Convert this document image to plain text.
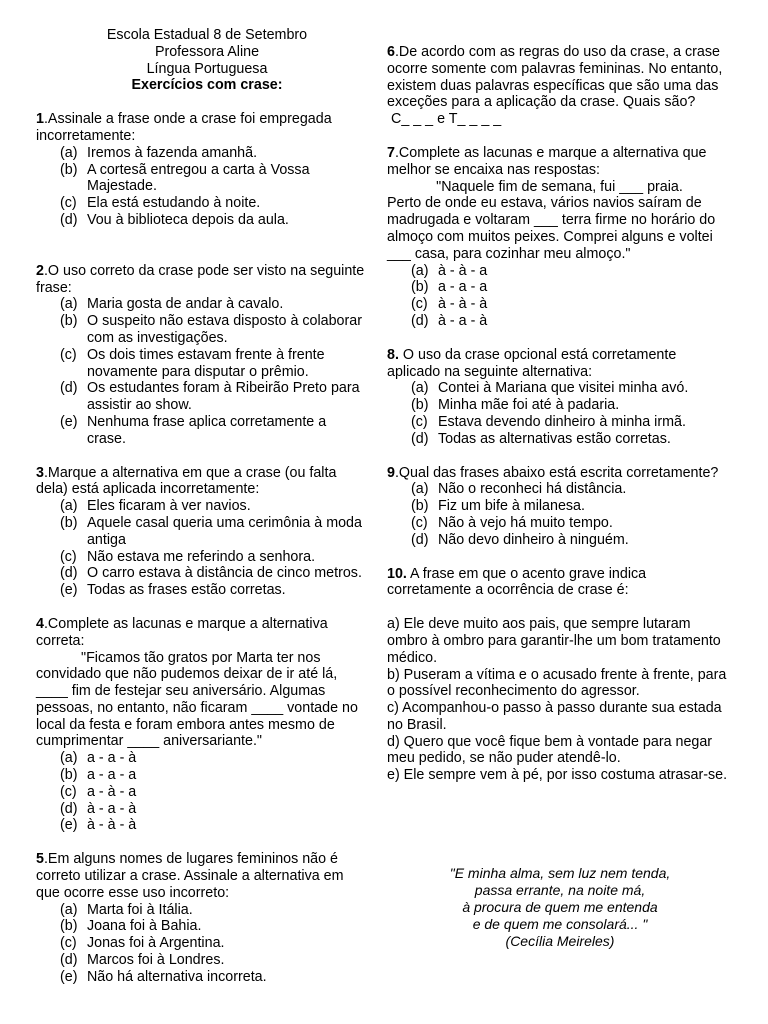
Escola Estadual 8 de Setembro
Professora Aline
Língua Portuguesa
Exercícios com crase:
1.Assinale a frase onde a crase foi empregada incorretamente:
(a) Iremos à fazenda amanhã.
(b) A cortesã entregou a carta à Vossa Majestade.
(c) Ela está estudando à noite.
(d) Vou à biblioteca depois da aula.
2.O uso correto da crase pode ser visto na seguinte frase:
(a) Maria gosta de andar à cavalo.
(b) O suspeito não estava disposto à colaborar com as investigações.
(c) Os dois times estavam frente à frente novamente para disputar o prêmio.
(d) Os estudantes foram à Ribeirão Preto para assistir ao show.
(e) Nenhuma frase aplica corretamente a crase.
3.Marque a alternativa em que a crase (ou falta dela) está aplicada incorretamente:
(a) Eles ficaram à ver navios.
(b) Aquele casal queria uma cerimônia à moda antiga
(c) Não estava me referindo a senhora.
(d) O carro estava à distância de cinco metros.
(e) Todas as frases estão corretas.
4.Complete as lacunas e marque a alternativa correta:
"Ficamos tão gratos por Marta ter nos convidado que não pudemos deixar de ir até lá, ____ fim de festejar seu aniversário. Algumas pessoas, no entanto, não ficaram ____ vontade no local da festa e foram embora antes mesmo de cumprimentar ____ aniversariante."
(a) a - a - à
(b) a - a - a
(c) a - à - a
(d) à - a - à
(e) à - à - à
5.Em alguns nomes de lugares femininos não é correto utilizar a crase. Assinale a alternativa em que ocorre esse uso incorreto:
(a) Marta foi à Itália.
(b) Joana foi à Bahia.
(c) Jonas foi à Argentina.
(d) Marcos foi à Londres.
(e) Não há alternativa incorreta.
6.De acordo com as regras do uso da crase, a crase ocorre somente com palavras femininas. No entanto, existem duas palavras específicas que são uma das exceções para a aplicação da crase. Quais são?
C_ _ _ e T_ _ _ _
7.Complete as lacunas e marque a alternativa que melhor se encaixa nas respostas:
"Naquele fim de semana, fui ___ praia.
Perto de onde eu estava, vários navios saíram de madrugada e voltaram ___ terra firme no horário do almoço com muitos peixes. Comprei alguns e voltei ___ casa, para cozinhar meu almoço."
(a) à - à - a
(b) a - a - a
(c) à - à - à
(d) à - a - à
8. O uso da crase opcional está corretamente aplicado na seguinte alternativa:
(a) Contei à Mariana que visitei minha avó.
(b) Minha mãe foi até à padaria.
(c) Estava devendo dinheiro à minha irmã.
(d) Todas as alternativas estão corretas.
9.Qual das frases abaixo está escrita corretamente?
(a) Não o reconheci há distância.
(b) Fiz um bife à milanesa.
(c) Não à vejo há muito tempo.
(d) Não devo dinheiro à ninguém.
10. A frase em que o acento grave indica corretamente a ocorrência de crase é:
a) Ele deve muito aos pais, que sempre lutaram ombro à ombro para garantir-lhe um bom tratamento médico.
b) Puseram a vítima e o acusado frente à frente, para o possível reconhecimento do agressor.
c) Acompanhou-o passo à passo durante sua estada no Brasil.
d) Quero que você fique bem à vontade para negar meu pedido, se não puder atendê-lo.
e) Ele sempre vem à pé, por isso costuma atrasar-se.
"E minha alma, sem luz nem tenda,
passa errante, na noite má,
à procura de quem me entenda
e de quem me consolará... "
(Cecília Meireles)
